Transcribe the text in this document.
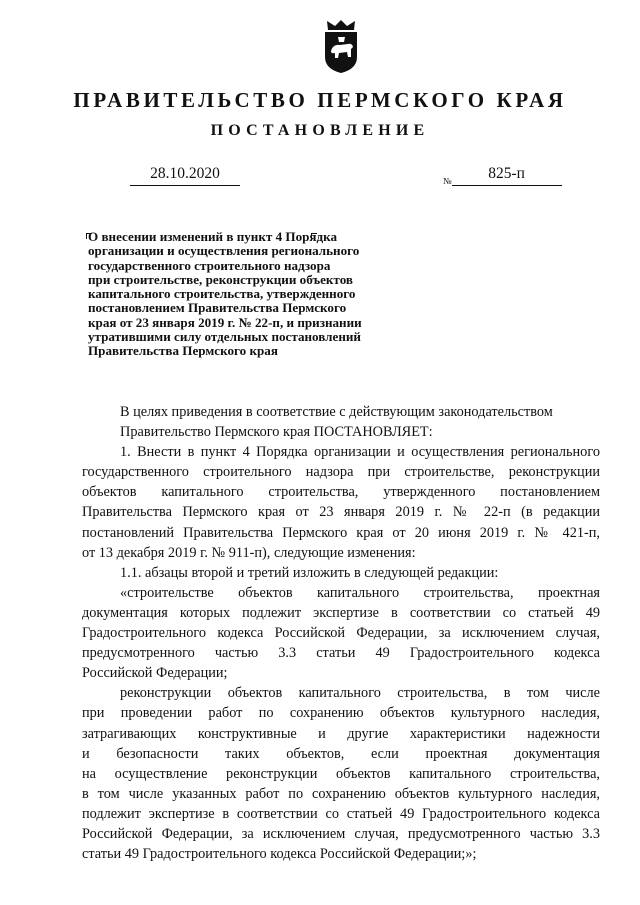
ПРАВИТЕЛЬСТВО ПЕРМСКОГО КРАЯ
ПОСТАНОВЛЕНИЕ
28.10.2020	№ 825-п
О внесении изменений в пункт 4 Порядка
организации и осуществления регионального
государственного строительного надзора
при строительстве, реконструкции объектов
капитального строительства, утвержденного
постановлением Правительства Пермского
края от 23 января 2019 г. № 22-п, и признании
утратившими силу отдельных постановлений
Правительства Пермского края
В целях приведения в соответствие с действующим законодательством
Правительство Пермского края ПОСТАНОВЛЯЕТ:
1. Внести в пункт 4 Порядка организации и осуществления регионального
государственного строительного надзора при строительстве, реконструкции
объектов капитального строительства, утвержденного постановлением
Правительства Пермского края от 23 января 2019 г. № 22-п (в редакции
постановлений Правительства Пермского края от 20 июня 2019 г. № 421-п,
от 13 декабря 2019 г. № 911-п), следующие изменения:
1.1. абзацы второй и третий изложить в следующей редакции:
«строительстве объектов капитального строительства, проектная
документация которых подлежит экспертизе в соответствии со статьей 49
Градостроительного кодекса Российской Федерации, за исключением случая,
предусмотренного частью 3.3 статьи 49 Градостроительного кодекса
Российской Федерации;
реконструкции объектов капитального строительства, в том числе
при проведении работ по сохранению объектов культурного наследия,
затрагивающих конструктивные и другие характеристики надежности
и безопасности таких объектов, если проектная документация
на осуществление реконструкции объектов капитального строительства,
в том числе указанных работ по сохранению объектов культурного наследия,
подлежит экспертизе в соответствии со статьей 49 Градостроительного кодекса
Российской Федерации, за исключением случая, предусмотренного частью 3.3
статьи 49 Градостроительного кодекса Российской Федерации;»;
